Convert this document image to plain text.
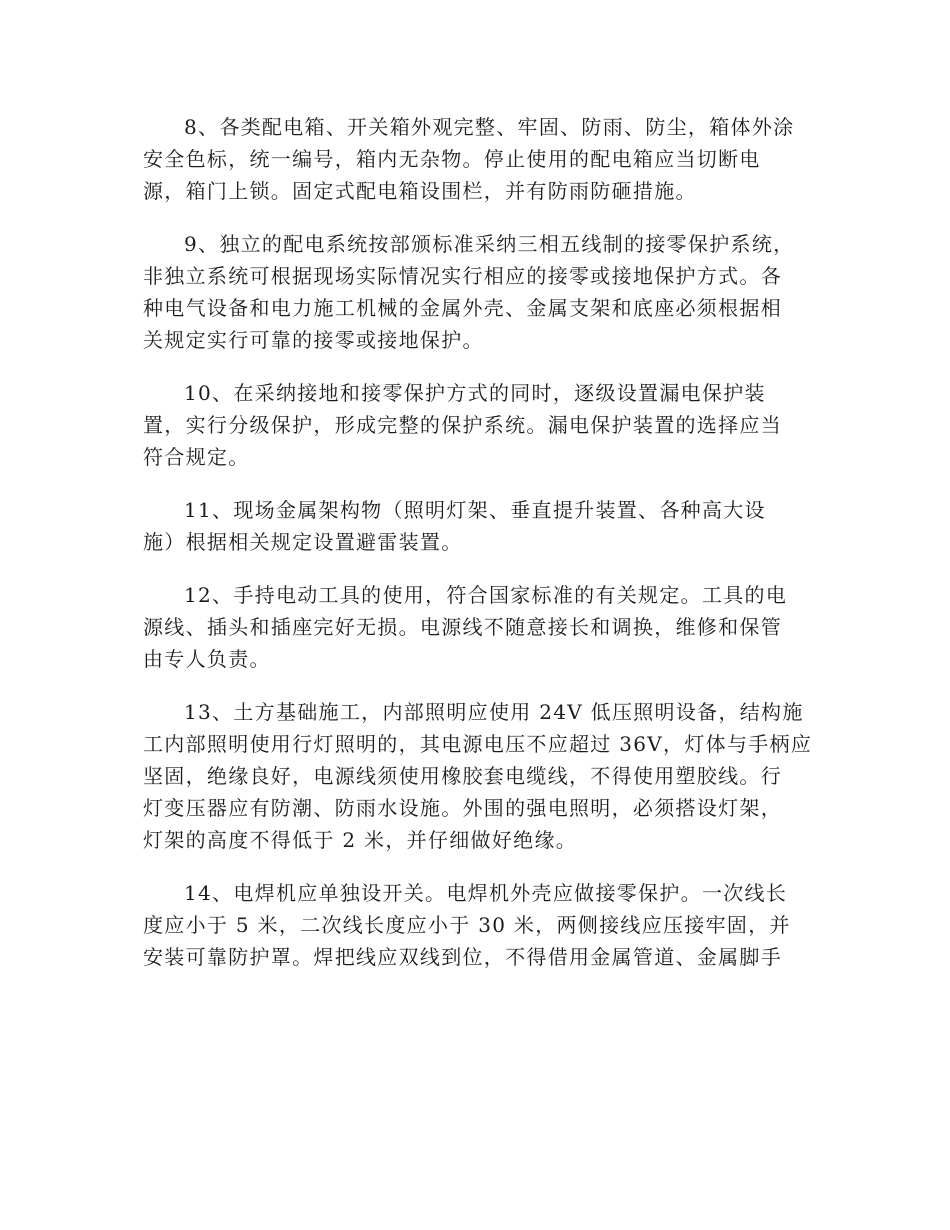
8、各类配电箱、开关箱外观完整、牢固、防雨、防尘，箱体外涂
安全色标，统一编号，箱内无杂物。停止使用的配电箱应当切断电
源，箱门上锁。固定式配电箱设围栏，并有防雨防砸措施。
9、独立的配电系统按部颁标准采纳三相五线制的接零保护系统，
非独立系统可根据现场实际情况实行相应的接零或接地保护方式。各
种电气设备和电力施工机械的金属外壳、金属支架和底座必须根据相
关规定实行可靠的接零或接地保护。
10、在采纳接地和接零保护方式的同时，逐级设置漏电保护装
置，实行分级保护，形成完整的保护系统。漏电保护装置的选择应当
符合规定。
11、现场金属架构物（照明灯架、垂直提升装置、各种高大设
施）根据相关规定设置避雷装置。
12、手持电动工具的使用，符合国家标准的有关规定。工具的电
源线、插头和插座完好无损。电源线不随意接长和调换，维修和保管
由专人负责。
13、土方基础施工，内部照明应使用 24V 低压照明设备，结构施
工内部照明使用行灯照明的，其电源电压不应超过 36V，灯体与手柄应
坚固，绝缘良好，电源线须使用橡胶套电缆线，不得使用塑胶线。行
灯变压器应有防潮、防雨水设施。外围的强电照明，必须搭设灯架，
灯架的高度不得低于 2 米，并仔细做好绝缘。
14、电焊机应单独设开关。电焊机外壳应做接零保护。一次线长
度应小于 5 米，二次线长度应小于 30 米，两侧接线应压接牢固，并
安装可靠防护罩。焊把线应双线到位，不得借用金属管道、金属脚手
